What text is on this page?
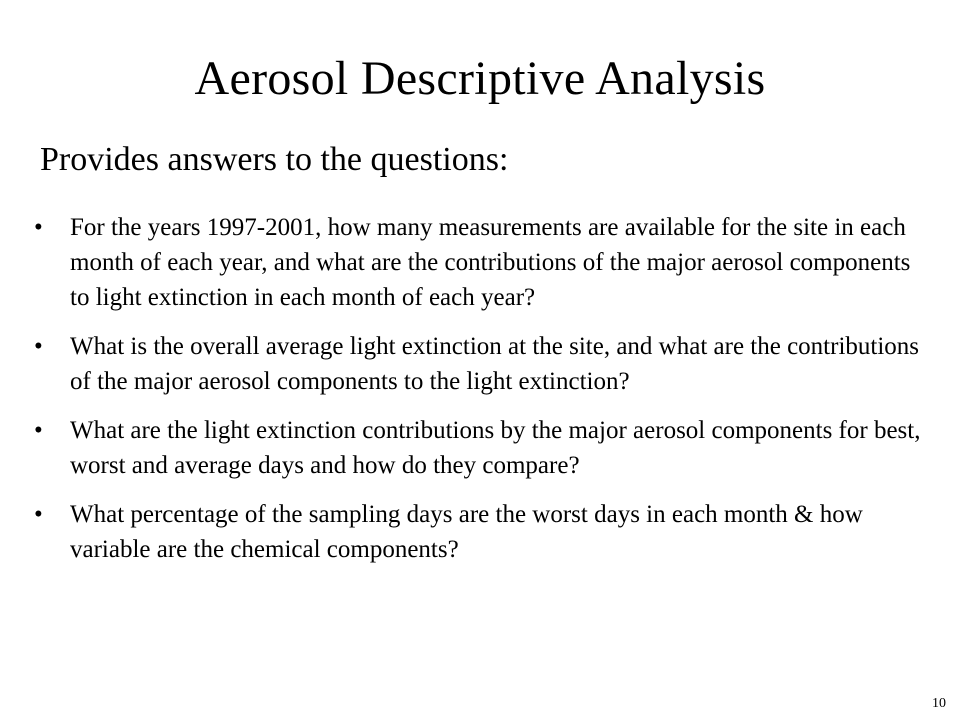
Aerosol Descriptive Analysis
Provides answers to the questions:
•	For the years 1997-2001, how many measurements are available for the site in each month of each year, and what are the contributions of the major aerosol components to light extinction in each month of each year?
•	What is the overall average light extinction at the site, and what are the contributions of the major aerosol components to the light extinction?
•	What are the light extinction contributions by the major aerosol components for best, worst and average days and how do they compare?
•	What percentage of the sampling days are the worst days in each month & how variable are the chemical components?
10
